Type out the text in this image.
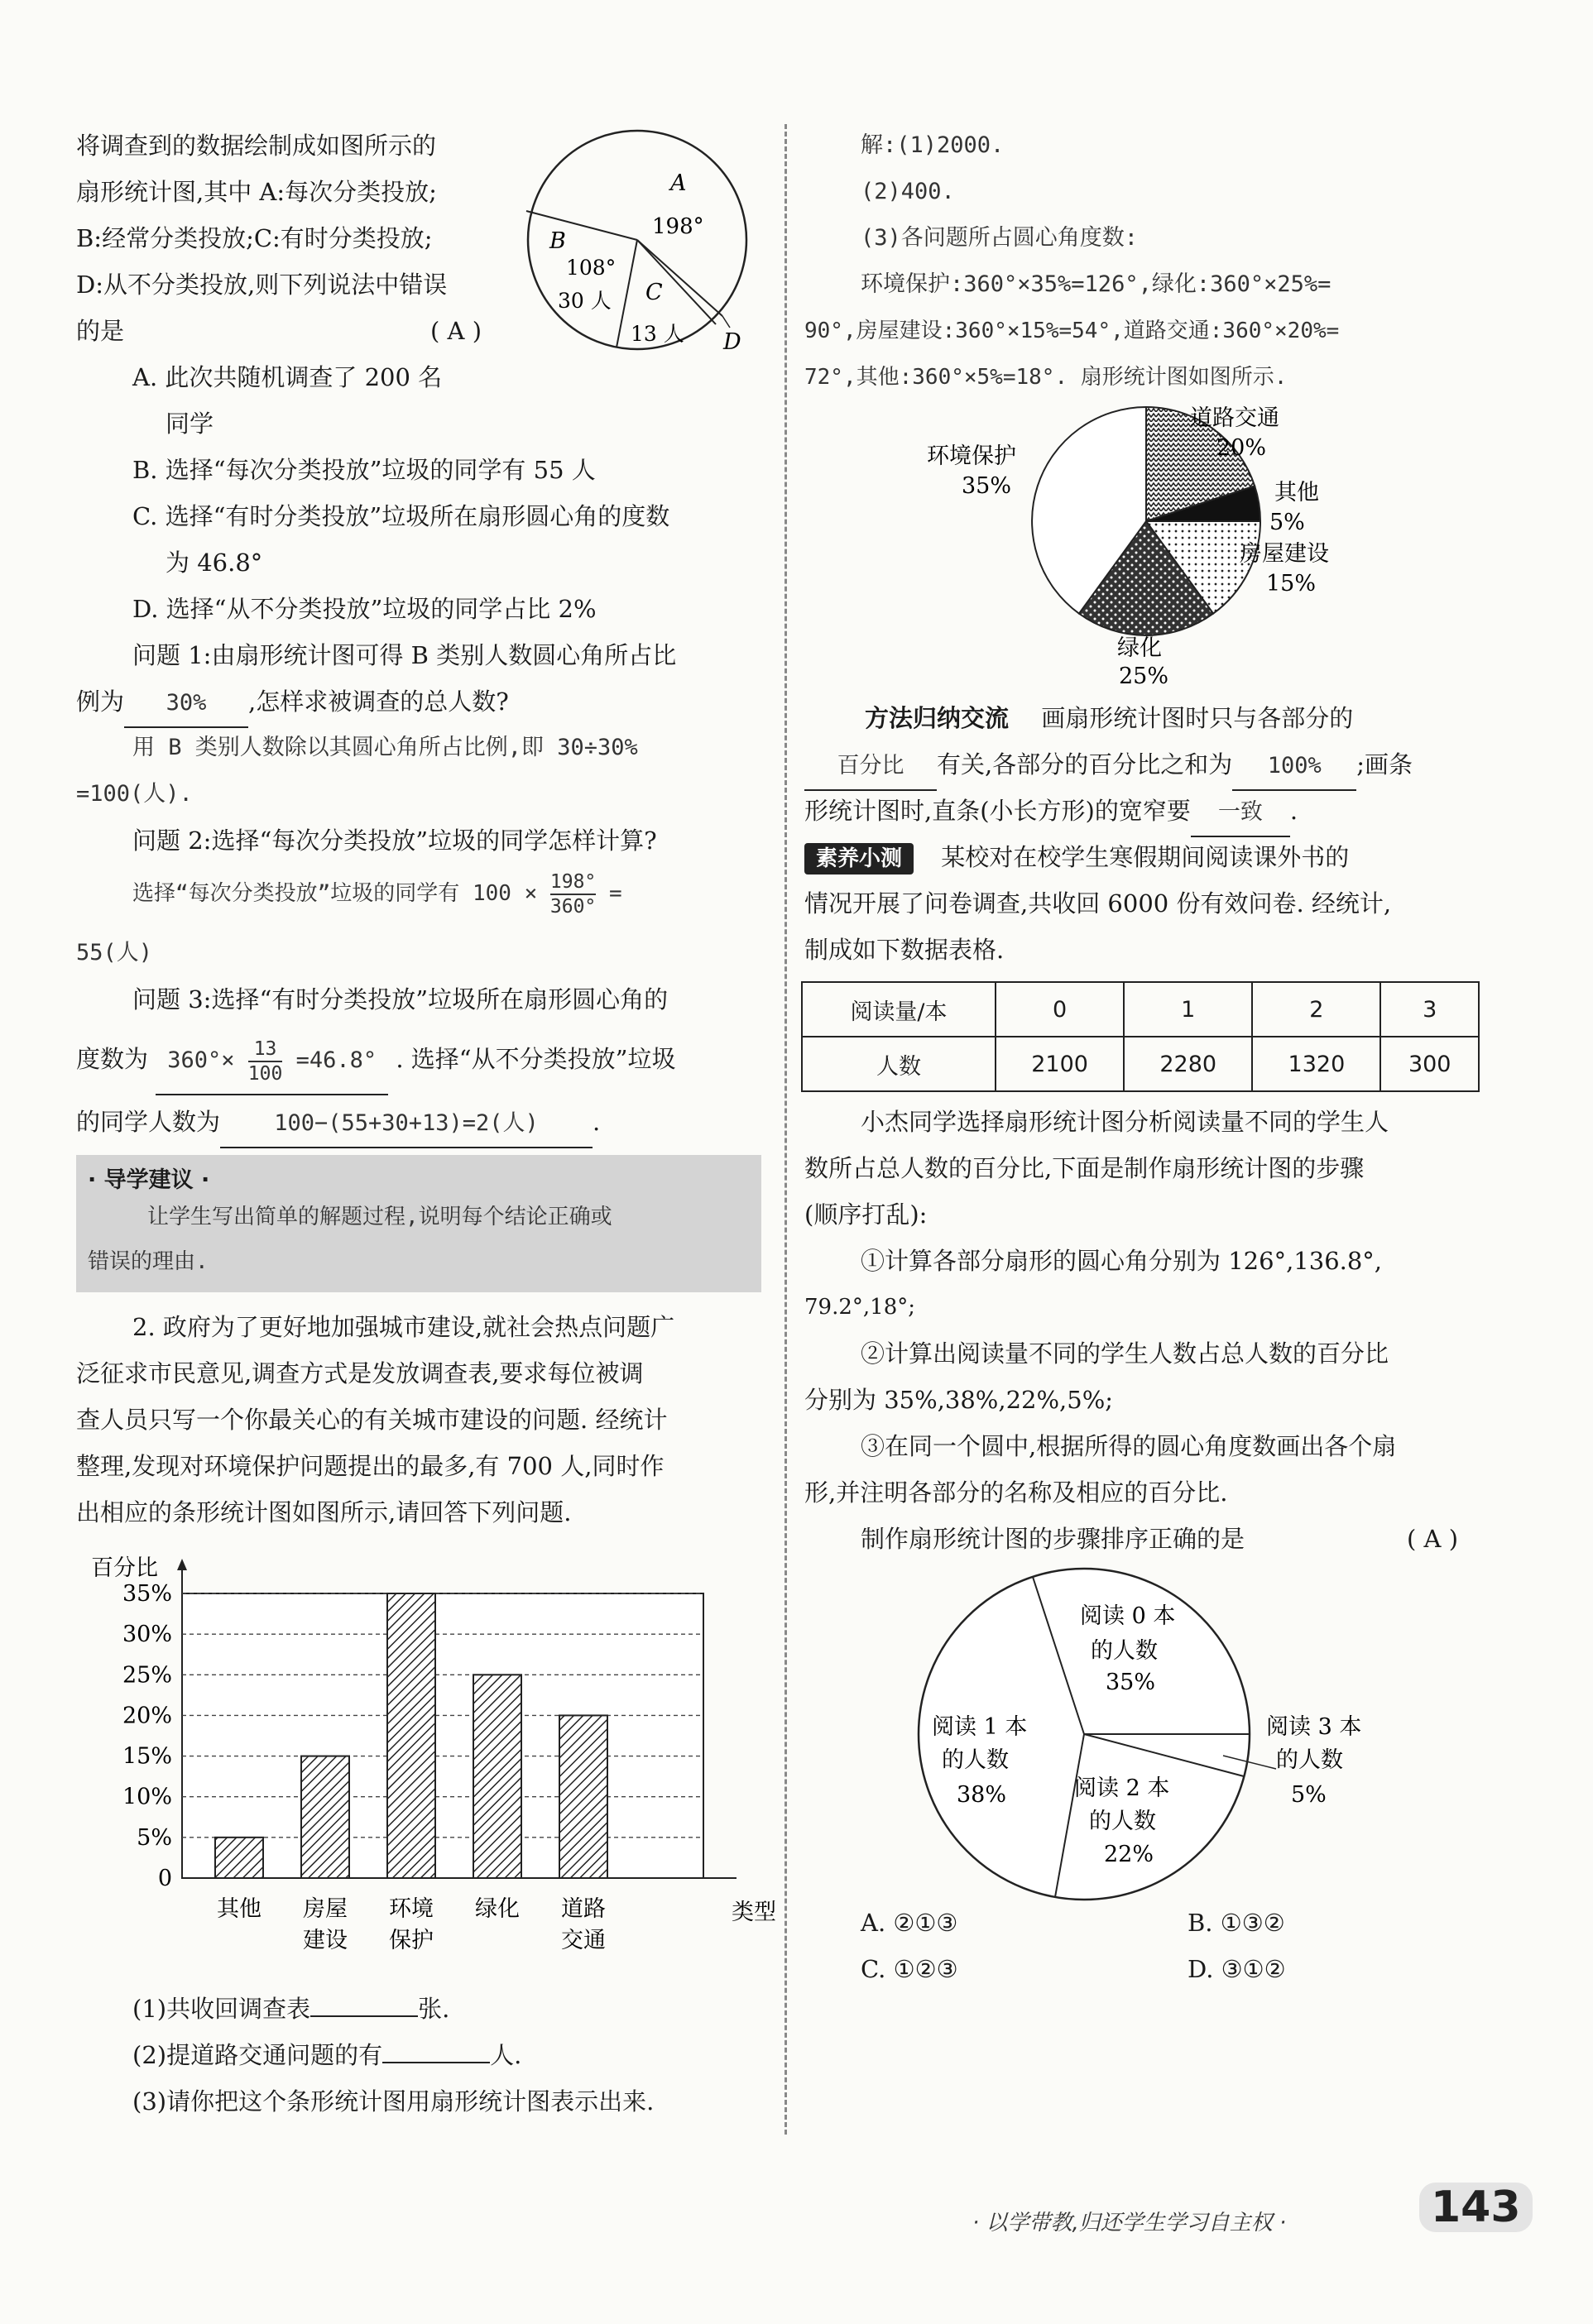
将调查到的数据绘制成如图所示的
扇形统计图,其中 A:每次分类投放;
B:经常分类投放;C:有时分类投放;
D:从不分类投放,则下列说法中错误
的是	( A )
A
198°
B
108°
30 人 C
13 人 D
A. 此次共随机调查了 200 名
同学
B. 选择“每次分类投放”垃圾的同学有 55 人
C. 选择“有时分类投放”垃圾所在扇形圆心角的度数
为 46.8°
D. 选择“从不分类投放”垃圾的同学占比 2%
问题 1:由扇形统计图可得 B 类别人数圆心角所占比
例为 30% ,怎样求被调查的总人数?
用 B 类别人数除以其圆心角所占比例,即 30÷30%
=100(人).
问题 2:选择“每次分类投放”垃圾的同学怎样计算?
选择“每次分类投放”垃圾的同学有 $100 \times \frac{198^\circ}{360^\circ}$ =
55(人)
问题 3:选择“有时分类投放”垃圾所在扇形圆心角的
度数为 $360^\circ\times \frac{13}{100} =46.8^\circ$ . 选择“从不分类投放”垃圾
的同学人数为 100−(55+30+13)=2(人) .
· 导学建议 ·
让学生写出简单的解题过程,说明每个结论正确或
错误的理由.
2. 政府为了更好地加强城市建设,就社会热点问题广
泛征求市民意见,调查方式是发放调查表,要求每位被调
查人员只写一个你最关心的有关城市建设的问题. 经统计
整理,发现对环境保护问题提出的最多,有 700 人,同时作
出相应的条形统计图如图所示,请回答下列问题.
0
5%
10%
15%
20%
25%
30%
35%
百分比
类型
其他 房屋
建设
环境
保护
绿化 道路
交通
(1)共收回调查表	张.
(2)提道路交通问题的有	人.
(3)请你把这个条形统计图用扇形统计图表示出来.
解:(1)2000.
(2)400.
(3)各问题所占圆心角度数:
环境保护:360°×35%=126°,绿化:360°×25%=
90°,房屋建设:360°×15%=54°,道路交通:360°×20%=
72°,其他:360°×5%=18°. 扇形统计图如图所示.
环境保护
35%
道路交通
20%
其他
5%
房屋建设
15%
绿化
25%
方法归纳交流 画扇形统计图时只与各部分的
百分比 有关,各部分的百分比之和为 100% ;画条
形统计图时,直条(小长方形)的宽窄要 一致 .
素养小测 某校对在校学生寒假期间阅读课外书的
情况开展了问卷调查,共收回 6000 份有效问卷. 经统计,
制成如下数据表格.
阅读量/本	0	1	2	3
人数	2100	2280	1320	300
小杰同学选择扇形统计图分析阅读量不同的学生人
数所占总人数的百分比,下面是制作扇形统计图的步骤
(顺序打乱):
①计算各部分扇形的圆心角分别为 126°,136.8°,
79.2°,18°;
②计算出阅读量不同的学生人数占总人数的百分比
分别为 35%,38%,22%,5%;
③在同一个圆中,根据所得的圆心角度数画出各个扇
形,并注明各部分的名称及相应的百分比.
制作扇形统计图的步骤排序正确的是	( A )
阅读 0 本
的人数
35%
阅读 1 本
的人数
38%	阅读 2 本
的人数
22%
阅读 3 本
的人数
5%
A. ②①③	B. ①③②
C. ①②③	D. ③①②
· 以学带教,归还学生学习自主权 ·	143
